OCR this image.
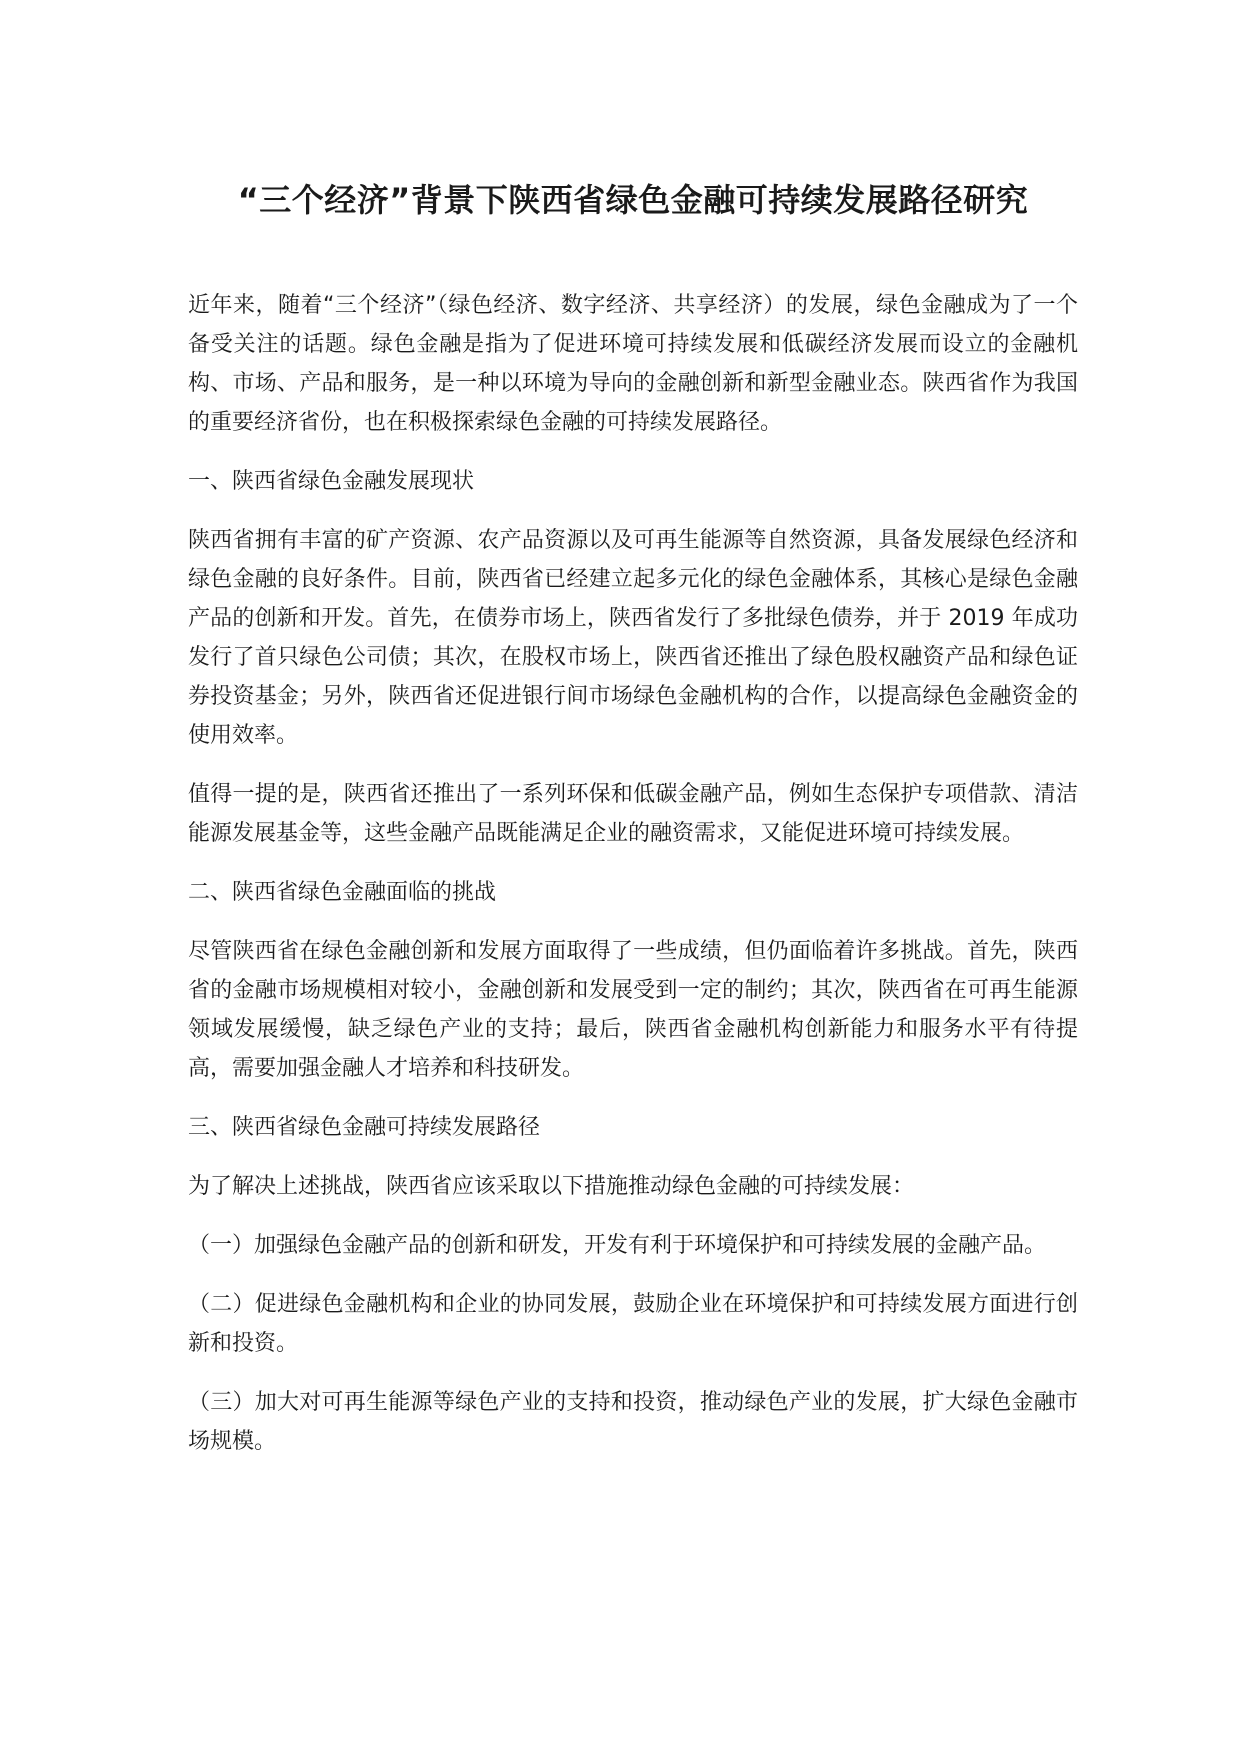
“三个经济”背景下陕西省绿色金融可持续发展路径研究

近年来，随着“三个经济”（绿色经济、数字经济、共享经济）的发展，绿色金融成为了一个备受关注的话题。绿色金融是指为了促进环境可持续发展和低碳经济发展而设立的金融机构、市场、产品和服务，是一种以环境为导向的金融创新和新型金融业态。陕西省作为我国的重要经济省份，也在积极探索绿色金融的可持续发展路径。

一、陕西省绿色金融发展现状

陕西省拥有丰富的矿产资源、农产品资源以及可再生能源等自然资源，具备发展绿色经济和绿色金融的良好条件。目前，陕西省已经建立起多元化的绿色金融体系，其核心是绿色金融产品的创新和开发。首先，在债券市场上，陕西省发行了多批绿色债券，并于 2019 年成功发行了首只绿色公司债；其次，在股权市场上，陕西省还推出了绿色股权融资产品和绿色证券投资基金；另外，陕西省还促进银行间市场绿色金融机构的合作，以提高绿色金融资金的使用效率。

值得一提的是，陕西省还推出了一系列环保和低碳金融产品，例如生态保护专项借款、清洁能源发展基金等，这些金融产品既能满足企业的融资需求，又能促进环境可持续发展。

二、陕西省绿色金融面临的挑战

尽管陕西省在绿色金融创新和发展方面取得了一些成绩，但仍面临着许多挑战。首先，陕西省的金融市场规模相对较小，金融创新和发展受到一定的制约；其次，陕西省在可再生能源领域发展缓慢，缺乏绿色产业的支持；最后，陕西省金融机构创新能力和服务水平有待提高，需要加强金融人才培养和科技研发。

三、陕西省绿色金融可持续发展路径

为了解决上述挑战，陕西省应该采取以下措施推动绿色金融的可持续发展：

（一）加强绿色金融产品的创新和研发，开发有利于环境保护和可持续发展的金融产品。

（二）促进绿色金融机构和企业的协同发展，鼓励企业在环境保护和可持续发展方面进行创新和投资。

（三）加大对可再生能源等绿色产业的支持和投资，推动绿色产业的发展，扩大绿色金融市场规模。
